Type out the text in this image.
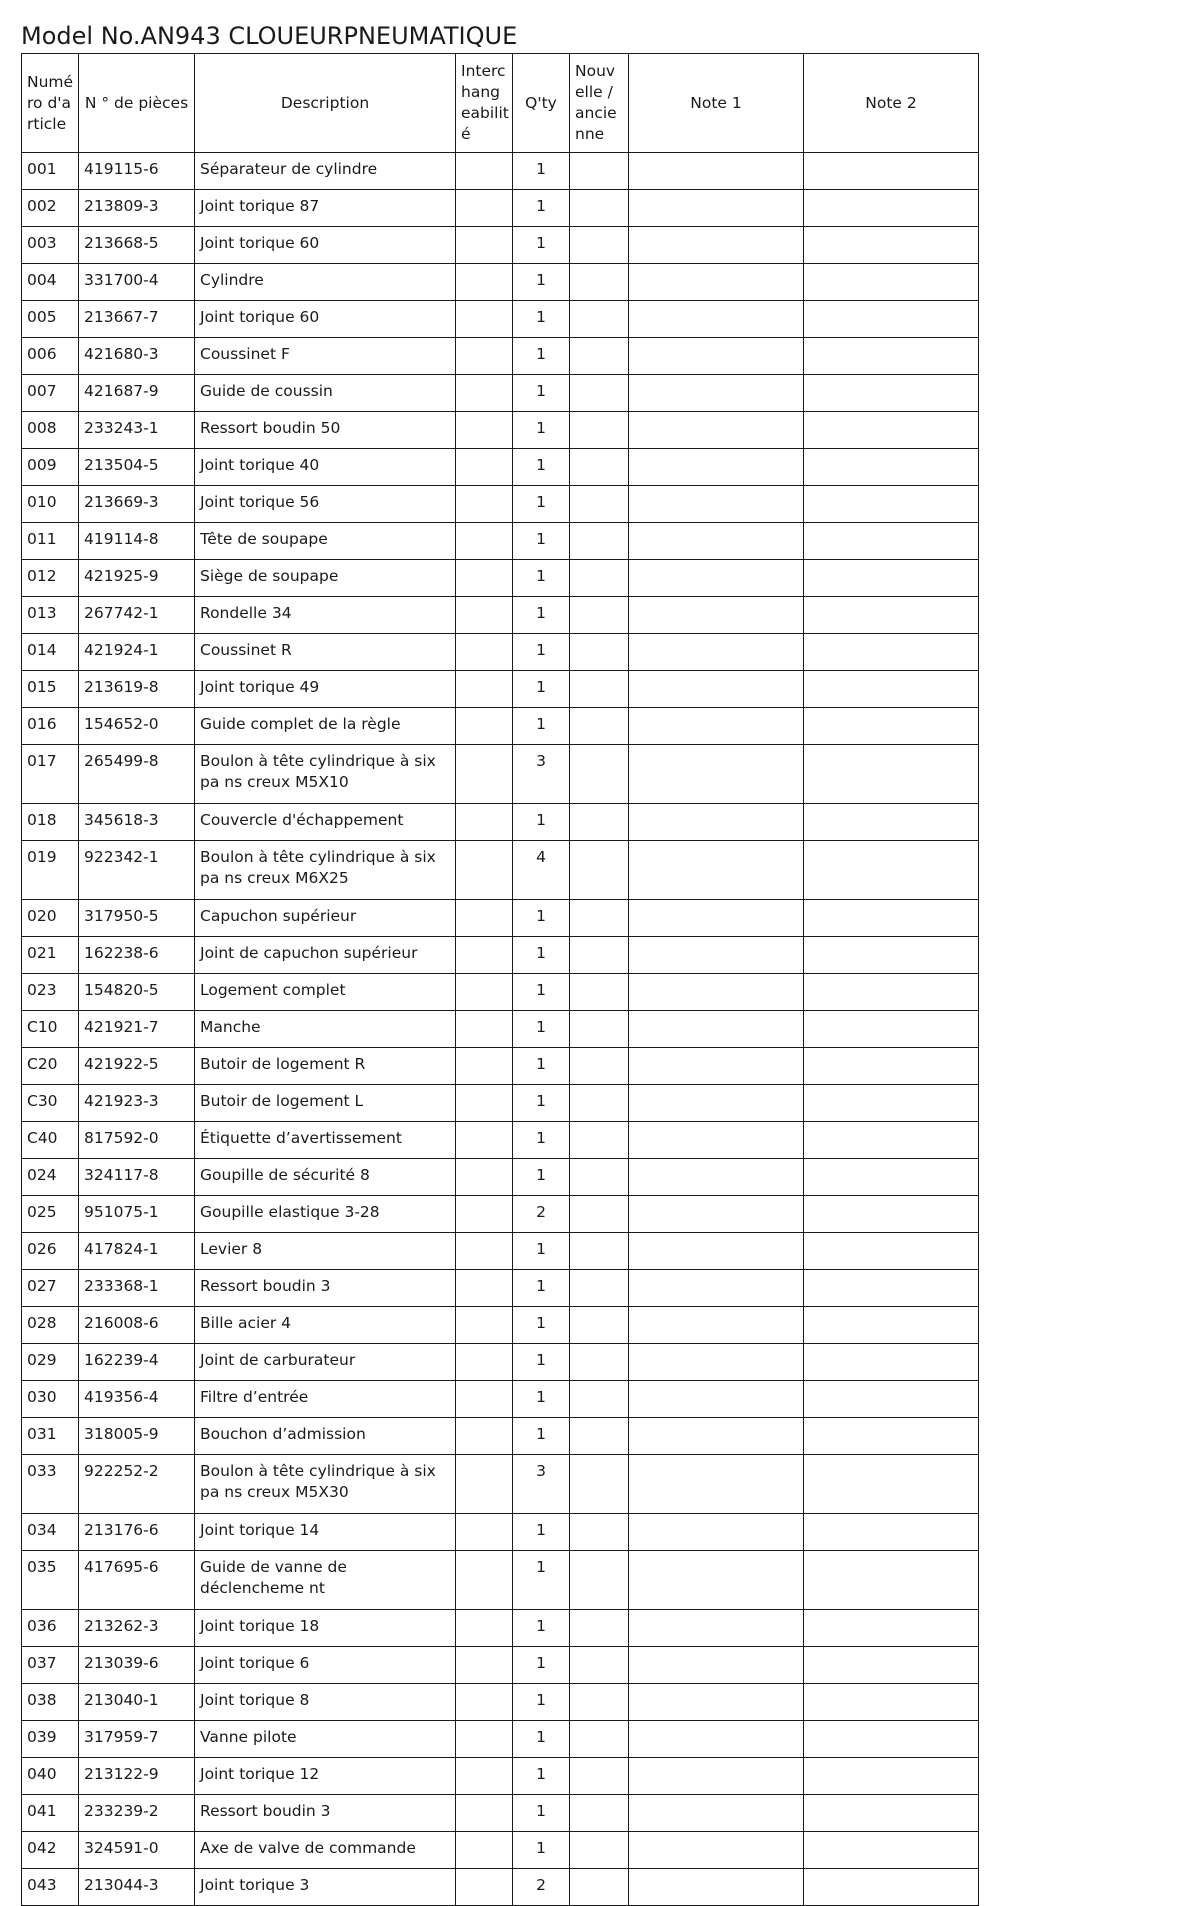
Model No.AN943 CLOUEURPNEUMATIQUE
Numé ro d'a rticle	N ° de pièces	Description	Interc hang eabilit é	Q'ty	Nouv elle / ancie nne	Note 1	Note 2
001	419115-6	Séparateur de cylindre		1			
002	213809-3	Joint torique 87		1			
003	213668-5	Joint torique 60		1			
004	331700-4	Cylindre		1			
005	213667-7	Joint torique 60		1			
006	421680-3	Coussinet F		1			
007	421687-9	Guide de coussin		1			
008	233243-1	Ressort boudin 50		1			
009	213504-5	Joint torique 40		1			
010	213669-3	Joint torique 56		1			
011	419114-8	Tête de soupape		1			
012	421925-9	Siège de soupape		1			
013	267742-1	Rondelle 34		1			
014	421924-1	Coussinet R		1			
015	213619-8	Joint torique 49		1			
016	154652-0	Guide complet de la règle		1			
017	265499-8	Boulon à tête cylindrique à six pa ns creux M5X10		3			
018	345618-3	Couvercle d'échappement		1			
019	922342-1	Boulon à tête cylindrique à six pa ns creux M6X25		4			
020	317950-5	Capuchon supérieur		1			
021	162238-6	Joint de capuchon supérieur		1			
023	154820-5	Logement complet		1			
C10	421921-7	Manche		1			
C20	421922-5	Butoir de logement R		1			
C30	421923-3	Butoir de logement L		1			
C40	817592-0	Étiquette d’avertissement		1			
024	324117-8	Goupille de sécurité 8		1			
025	951075-1	Goupille elastique 3-28		2			
026	417824-1	Levier 8		1			
027	233368-1	Ressort boudin 3		1			
028	216008-6	Bille acier 4		1			
029	162239-4	Joint de carburateur		1			
030	419356-4	Filtre d’entrée		1			
031	318005-9	Bouchon d’admission		1			
033	922252-2	Boulon à tête cylindrique à six pa ns creux M5X30		3			
034	213176-6	Joint torique 14		1			
035	417695-6	Guide de vanne de déclencheme nt		1			
036	213262-3	Joint torique 18		1			
037	213039-6	Joint torique 6		1			
038	213040-1	Joint torique 8		1			
039	317959-7	Vanne pilote		1			
040	213122-9	Joint torique 12		1			
041	233239-2	Ressort boudin 3		1			
042	324591-0	Axe de valve de commande		1			
043	213044-3	Joint torique 3		2			
